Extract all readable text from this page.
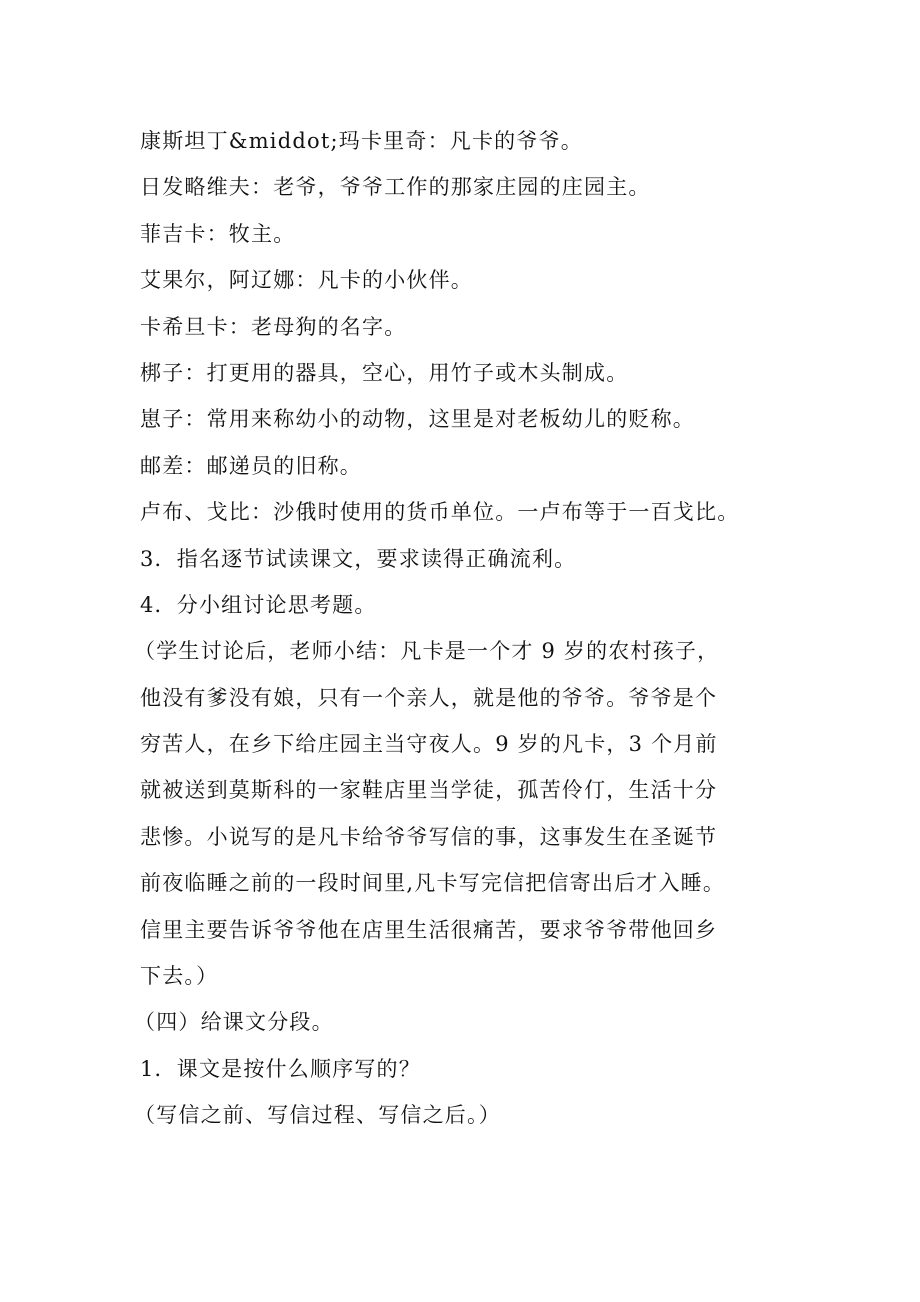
康斯坦丁&middot;玛卡里奇：凡卡的爷爷。
日发略维夫：老爷，爷爷工作的那家庄园的庄园主。
菲吉卡：牧主。
艾果尔，阿辽娜：凡卡的小伙伴。
卡希旦卡：老母狗的名字。
梆子：打更用的器具，空心，用竹子或木头制成。
崽子：常用来称幼小的动物，这里是对老板幼儿的贬称。
邮差：邮递员的旧称。
卢布、戈比：沙俄时使用的货币单位。一卢布等于一百戈比。
3．指名逐节试读课文，要求读得正确流利。
4．分小组讨论思考题。
（学生讨论后，老师小结：凡卡是一个才 9 岁的农村孩子，
他没有爹没有娘，只有一个亲人，就是他的爷爷。爷爷是个
穷苦人，在乡下给庄园主当守夜人。9 岁的凡卡，3 个月前
就被送到莫斯科的一家鞋店里当学徒，孤苦伶仃，生活十分
悲惨。小说写的是凡卡给爷爷写信的事，这事发生在圣诞节
前夜临睡之前的一段时间里,凡卡写完信把信寄出后才入睡。
信里主要告诉爷爷他在店里生活很痛苦，要求爷爷带他回乡
下去。）
（四）给课文分段。
1．课文是按什么顺序写的？
（写信之前、写信过程、写信之后。）
